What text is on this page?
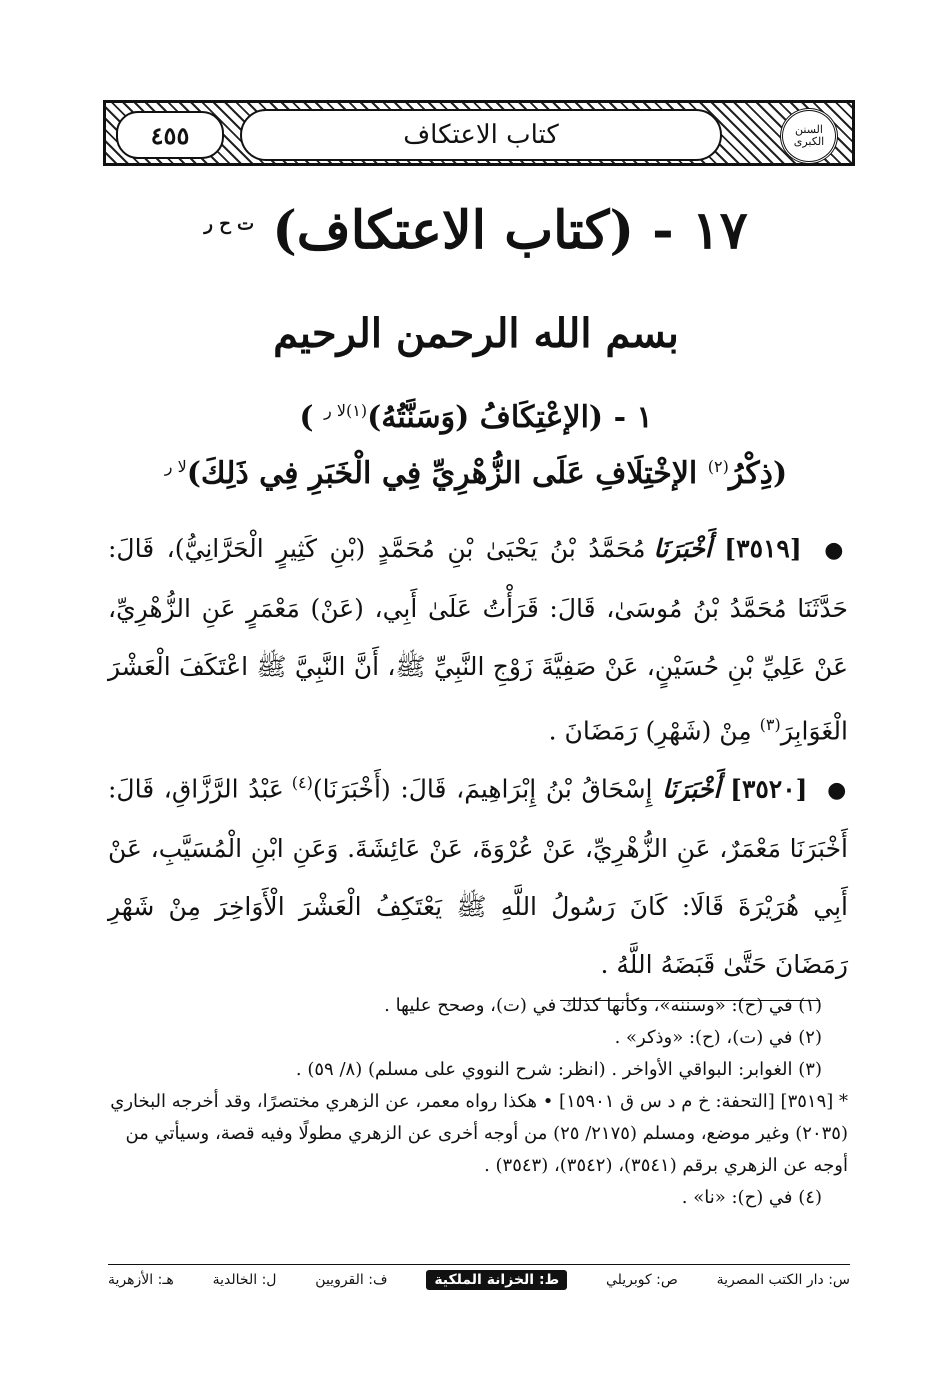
السنن الكبرى
كتاب الاعتكاف
٤٥٥
١٧ - (كتاب الاعتكاف) $^{ت ح ر}$
بسم الله الرحمن الرحيم
١ - (الإعْتِكَافُ (وَسَنَّتُهُ)$^{(١)لا ر}$ )
(ذِكْرُ$^{(٢)}$ الإخْتِلَافِ عَلَى الزُّهْرِيِّ فِي الْخَبَرِ فِي ذَلِكَ)$^{لا ر}$
● [٣٥١٩] أَخْبَرَنَا مُحَمَّدُ بْنُ يَحْيَىٰ بْنِ مُحَمَّدٍ (بْنِ كَثِيرٍ الْحَرَّانِيُّ)، قَالَ: حَدَّثَنَا مُحَمَّدُ بْنُ مُوسَىٰ، قَالَ: قَرَأْتُ عَلَىٰ أَبِي، (عَنْ) مَعْمَرٍ عَنِ الزُّهْرِيِّ، عَنْ عَلِيِّ بْنِ حُسَيْنٍ، عَنْ صَفِيَّةَ زَوْجِ النَّبِيِّ ﷺ، أَنَّ النَّبِيَّ ﷺ اعْتَكَفَ الْعَشْرَ الْغَوَابِرَ$^{(٣)}$ مِنْ (شَهْرِ) رَمَضَانَ .
● [٣٥٢٠] أَخْبَرَنَا إِسْحَاقُ بْنُ إِبْرَاهِيمَ، قَالَ: (أَخْبَرَنَا)$^{(٤)}$ عَبْدُ الرَّزَّاقِ، قَالَ: أَخْبَرَنَا مَعْمَرٌ، عَنِ الزُّهْرِيِّ، عَنْ عُرْوَةَ، عَنْ عَائِشَةَ. وَعَنِ ابْنِ الْمُسَيَّبِ، عَنْ أَبِي هُرَيْرَةَ قَالَا: كَانَ رَسُولُ اللَّهِ ﷺ يَعْتَكِفُ الْعَشْرَ الْأَوَاخِرَ مِنْ شَهْرِ رَمَضَانَ حَتَّىٰ قَبَضَهُ اللَّهُ .
(١) في (ح): «وسننه»، وكأنها كذلك في (ت)، وصحح عليها .
(٢) في (ت)، (ح): «وذكر» .
(٣) الغوابر: البواقي الأواخر . (انظر: شرح النووي على مسلم) (٨/ ٥٩) .
* [٣٥١٩] [التحفة: خ م د س ق ١٥٩٠١] • هكذا رواه معمر، عن الزهري مختصرًا، وقد أخرجه البخاري (٢٠٣٥) وغير موضع، ومسلم (٢١٧٥/ ٢٥) من أوجه أخرى عن الزهري مطولًا وفيه قصة، وسيأتي من أوجه عن الزهري برقم (٣٥٤١)، (٣٥٤٢)، (٣٥٤٣) .
(٤) في (ح): «نا» .
س: دار الكتب المصرية
ص: كوبريلي
ط: الخزانة الملكية
ف: القرويين
ل: الخالدية
هـ: الأزهرية
